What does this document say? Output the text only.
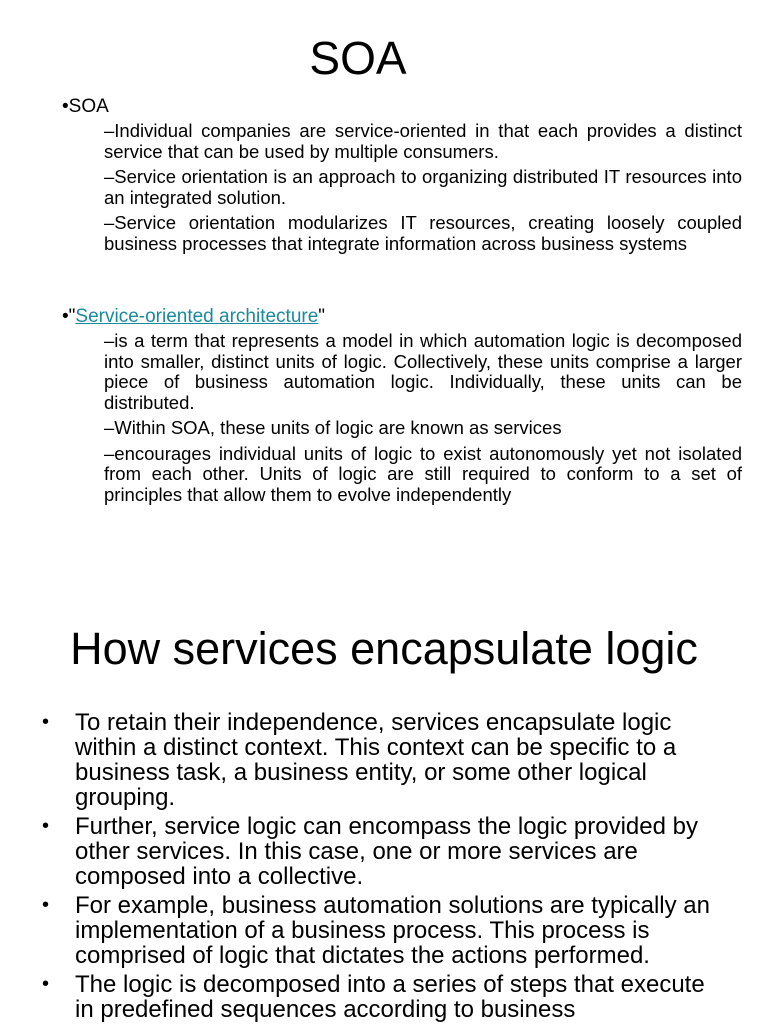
SOA
•SOA
–Individual companies are service-oriented in that each provides a distinct service that can be used by multiple consumers.
–Service orientation is an approach to organizing distributed IT resources into an integrated solution.
–Service orientation modularizes IT resources, creating loosely coupled business processes that integrate information across business systems
•"Service-oriented architecture"
–is a term that represents a model in which automation logic is decomposed into smaller, distinct units of logic. Collectively, these units comprise a larger piece of business automation logic. Individually, these units can be distributed.
–Within SOA, these units of logic are known as services
–encourages individual units of logic to exist autonomously yet not isolated from each other. Units of logic are still required to conform to a set of principles that allow them to evolve independently
How services encapsulate logic
• To retain their independence, services encapsulate logic within a distinct context. This context can be specific to a business task, a business entity, or some other logical grouping.
• Further, service logic can encompass the logic provided by other services. In this case, one or more services are composed into a collective.
• For example, business automation solutions are typically an implementation of a business process. This process is comprised of logic that dictates the actions performed.
• The logic is decomposed into a series of steps that execute in predefined sequences according to business
